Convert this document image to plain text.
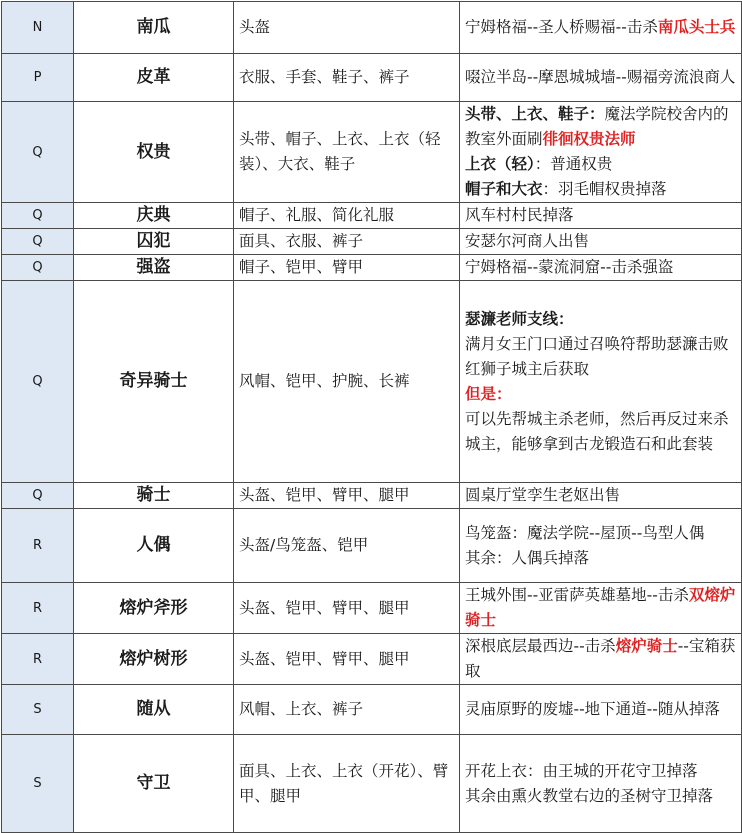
N	南瓜	头盔	宁姆格福--圣人桥赐福--击杀南瓜头士兵
P	皮革	衣服、手套、鞋子、裤子	啜泣半岛--摩恩城城墙--赐福旁流浪商人
Q	权贵	头带、帽子、上衣、上衣（轻装）、大衣、鞋子	头带、上衣、鞋子：魔法学院校舍内的教室外面刷徘徊权贵法师
上衣（轻）：普通权贵
帽子和大衣：羽毛帽权贵掉落
Q	庆典	帽子、礼服、简化礼服	风车村村民掉落
Q	囚犯	面具、衣服、裤子	安瑟尔河商人出售
Q	强盗	帽子、铠甲、臂甲	宁姆格福--蒙流洞窟--击杀强盗
Q	奇异骑士	风帽、铠甲、护腕、长裤	瑟濂老师支线：
满月女王门口通过召唤符帮助瑟濂击败红狮子城主后获取
但是：
可以先帮城主杀老师，然后再反过来杀城主，能够拿到古龙锻造石和此套装

Q	骑士	头盔、铠甲、臂甲、腿甲	圆桌厅堂孪生老妪出售
R	人偶	头盔/鸟笼盔、铠甲	鸟笼盔：魔法学院--屋顶--鸟型人偶
其余：人偶兵掉落

R	熔炉斧形	头盔、铠甲、臂甲、腿甲	王城外围--亚雷萨英雄墓地--击杀双熔炉骑士
R	熔炉树形	头盔、铠甲、臂甲、腿甲	深根底层最西边--击杀熔炉骑士--宝箱获取
S	随从	风帽、上衣、裤子	灵庙原野的废墟--地下通道--随从掉落
S	守卫	面具、上衣、上衣（开花）、臂甲、腿甲	开花上衣：由王城的开花守卫掉落
其余由熏火教堂右边的圣树守卫掉落
